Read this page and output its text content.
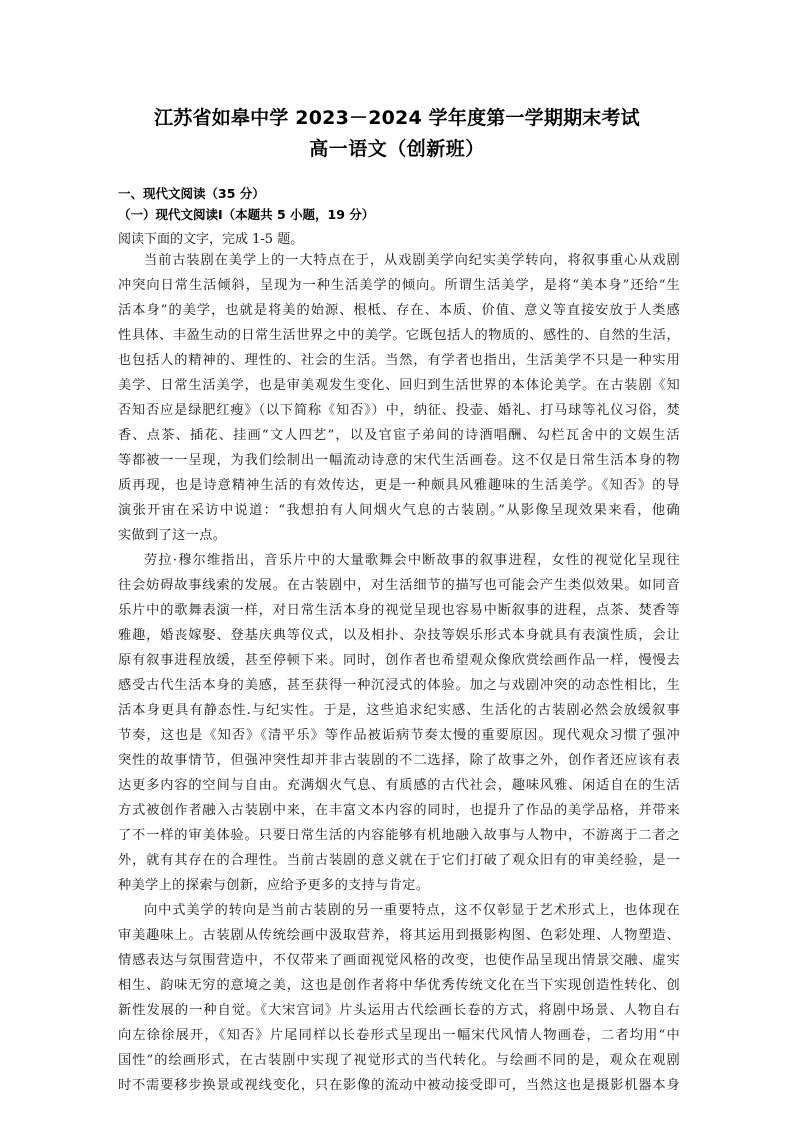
江苏省如皋中学 2023－2024 学年度第一学期期末考试
高一语文（创新班）
一、现代文阅读（35 分）
（一）现代文阅读Ⅰ（本题共 5 小题，19 分）
阅读下面的文字，完成 1-5 题。
当前古装剧在美学上的一大特点在于，从戏剧美学向纪实美学转向，将叙事重心从戏剧
冲突向日常生活倾斜，呈现为一种生活美学的倾向。所谓生活美学，是将“美本身”还给“生
活本身”的美学，也就是将美的始源、根柢、存在、本质、价值、意义等直接安放于人类感
性具体、丰盈生动的日常生活世界之中的美学。它既包括人的物质的、感性的、自然的生活，
也包括人的精神的、理性的、社会的生活。当然，有学者也指出，生活美学不只是一种实用
美学、日常生活美学，也是审美观发生变化、回归到生活世界的本体论美学。在古装剧《知
否知否应是绿肥红瘦》（以下简称《知否》）中，纳征、投壶、婚礼、打马球等礼仪习俗，焚
香、点茶、插花、挂画“文人四艺”，以及官宦子弟间的诗酒唱酬、勾栏瓦舍中的文娱生活
等都被一一呈现，为我们绘制出一幅流动诗意的宋代生活画卷。这不仅是日常生活本身的物
质再现，也是诗意精神生活的有效传达，更是一种颇具风雅趣味的生活美学。《知否》的导
演张开宙在采访中说道：“我想拍有人间烟火气息的古装剧。”从影像呈现效果来看，他确
实做到了这一点。
劳拉·穆尔维指出，音乐片中的大量歌舞会中断故事的叙事进程，女性的视觉化呈现往
往会妨碍故事线索的发展。在古装剧中，对生活细节的描写也可能会产生类似效果。如同音
乐片中的歌舞表演一样，对日常生活本身的视觉呈现也容易中断叙事的进程，点茶、焚香等
雅趣，婚丧嫁娶、登基庆典等仪式，以及相扑、杂技等娱乐形式本身就具有表演性质，会让
原有叙事进程放缓，甚至停顿下来。同时，创作者也希望观众像欣赏绘画作品一样，慢慢去
感受古代生活本身的美感，甚至获得一种沉浸式的体验。加之与戏剧冲突的动态性相比，生
活本身更具有静态性.与纪实性。于是，这些追求纪实感、生活化的古装剧必然会放缓叙事
节奏，这也是《知否》《清平乐》等作品被诟病节奏太慢的重要原因。现代观众习惯了强冲
突性的故事情节，但强冲突性却并非古装剧的不二选择，除了故事之外，创作者还应该有表
达更多内容的空间与自由。充满烟火气息、有质感的古代社会，趣味风雅、闲适自在的生活
方式被创作者融入古装剧中来，在丰富文本内容的同时，也提升了作品的美学品格，并带来
了不一样的审美体验。只要日常生活的内容能够有机地融入故事与人物中，不游离于二者之
外，就有其存在的合理性。当前古装剧的意义就在于它们打破了观众旧有的审美经验，是一
种美学上的探索与创新，应给予更多的支持与肯定。
向中式美学的转向是当前古装剧的另一重要特点，这不仅彰显于艺术形式上，也体现在
审美趣味上。古装剧从传统绘画中汲取营养，将其运用到摄影构图、色彩处理、人物塑造、
情感表达与氛围营造中，不仅带来了画面视觉风格的改变，也使作品呈现出情景交融、虚实
相生、韵味无穷的意境之美，这也是创作者将中华优秀传统文化在当下实现创造性转化、创
新性发展的一种自觉。《大宋宫词》片头运用古代绘画长卷的方式，将剧中场景、人物自右
向左徐徐展开，《知否》片尾同样以长卷形式呈现出一幅宋代风情人物画卷，二者均用“中
国性”的绘画形式，在古装剧中实现了视觉形式的当代转化。与绘画不同的是，观众在观剧
时不需要移步换景或视线变化，只在影像的流动中被动接受即可，当然这也是摄影机器本身
